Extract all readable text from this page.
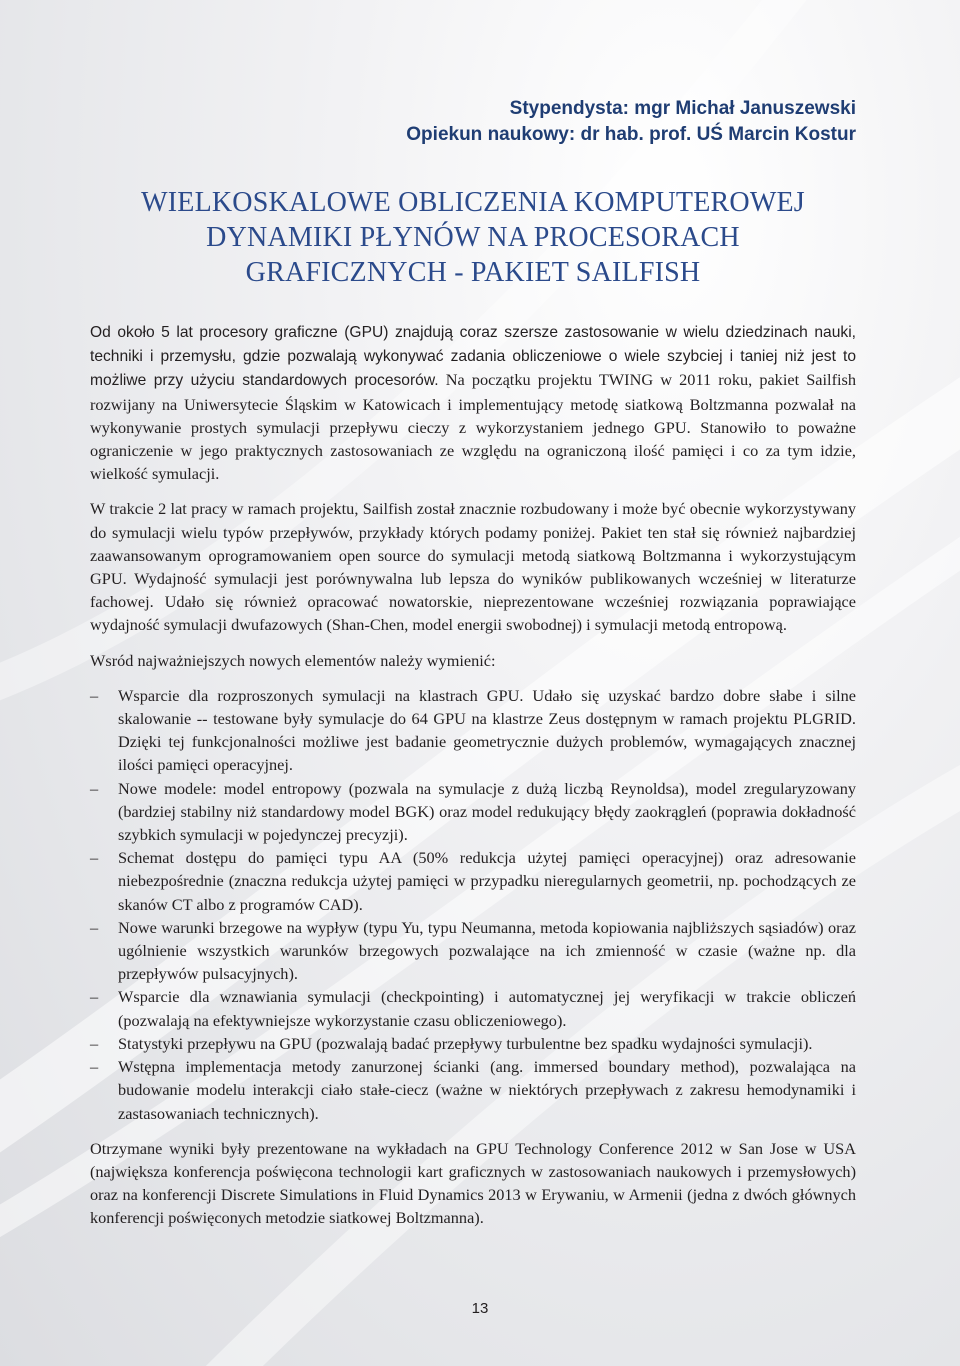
Stypendysta: mgr Michał Januszewski
Opiekun naukowy: dr hab. prof. UŚ Marcin Kostur
WIELKOSKALOWE OBLICZENIA KOMPUTEROWEJ
DYNAMIKI PŁYNÓW NA PROCESORACH
GRAFICZNYCH - PAKIET SAILFISH

Od około 5 lat procesory graficzne (GPU) znajdują coraz szersze zastosowanie w wielu dziedzinach nauki, techniki i przemysłu, gdzie pozwalają wykonywać zadania obliczeniowe o wiele szybciej i taniej niż jest to możliwe przy użyciu standardowych procesorów. Na początku projektu TWING w 2011 roku, pakiet Sailfish rozwijany na Uniwersytecie Śląskim w Katowicach i implementujący metodę siatkową Boltzmanna pozwalał na wykonywanie prostych symulacji przepływu cieczy z wykorzystaniem jednego GPU. Stanowiło to poważne ograniczenie w jego praktycznych zastosowaniach ze względu na ograniczoną ilość pamięci i co za tym idzie, wielkość symulacji.

W trakcie 2 lat pracy w ramach projektu, Sailfish został znacznie rozbudowany i może być obecnie wykorzystywany do symulacji wielu typów przepływów, przykłady których podamy poniżej. Pakiet ten stał się również najbardziej zaawansowanym oprogramowaniem open source do symulacji metodą siatkową Boltzmanna i wykorzystującym GPU. Wydajność symulacji jest porównywalna lub lepsza do wyników publikowanych wcześniej w literaturze fachowej. Udało się również opracować nowatorskie, nieprezentowane wcześniej rozwiązania poprawiające wydajność symulacji dwufazowych (Shan-Chen, model energii swobodnej) i symulacji metodą entropową.

Wsród najważniejszych nowych elementów należy wymienić:

– Wsparcie dla rozproszonych symulacji na klastrach GPU. Udało się uzyskać bardzo dobre słabe i silne skalowanie -- testowane były symulacje do 64 GPU na klastrze Zeus dostępnym w ramach projektu PLGRID. Dzięki tej funkcjonalności możliwe jest badanie geometrycznie dużych problemów, wymagających znacznej ilości pamięci operacyjnej.
– Nowe modele: model entropowy (pozwala na symulacje z dużą liczbą Reynoldsa), model zregularyzowany (bardziej stabilny niż standardowy model BGK) oraz model redukujący błędy zaokrągleń (poprawia dokładność szybkich symulacji w pojedynczej precyzji).
– Schemat dostępu do pamięci typu AA (50% redukcja użytej pamięci operacyjnej) oraz adresowanie niebezpośrednie (znaczna redukcja użytej pamięci w przypadku nieregularnych geometrii, np. pochodzących ze skanów CT albo z programów CAD).
– Nowe warunki brzegowe na wypływ (typu Yu, typu Neumanna, metoda kopiowania najbliższych sąsiadów) oraz ugólnienie wszystkich warunków brzegowych pozwalające na ich zmienność w czasie (ważne np. dla przepływów pulsacyjnych).
– Wsparcie dla wznawiania symulacji (checkpointing) i automatycznej jej weryfikacji w trakcie obliczeń (pozwalają na efektywniejsze wykorzystanie czasu obliczeniowego).
– Statystyki przepływu na GPU (pozwalają badać przepływy turbulentne bez spadku wydajności symulacji).
– Wstępna implementacja metody zanurzonej ścianki (ang. immersed boundary method), pozwalająca na budowanie modelu interakcji ciało stałe-ciecz (ważne w niektórych przepływach z zakresu hemodynamiki i zastasowaniach technicznych).

Otrzymane wyniki były prezentowane na wykładach na GPU Technology Conference 2012 w San Jose w USA (największa konferencja poświęcona technologii kart graficznych w zastosowaniach naukowych i przemysłowych) oraz na konferencji Discrete Simulations in Fluid Dynamics 2013 w Erywaniu, w Armenii (jedna z dwóch głównych konferencji poświęconych metodzie siatkowej Boltzmanna).

13
